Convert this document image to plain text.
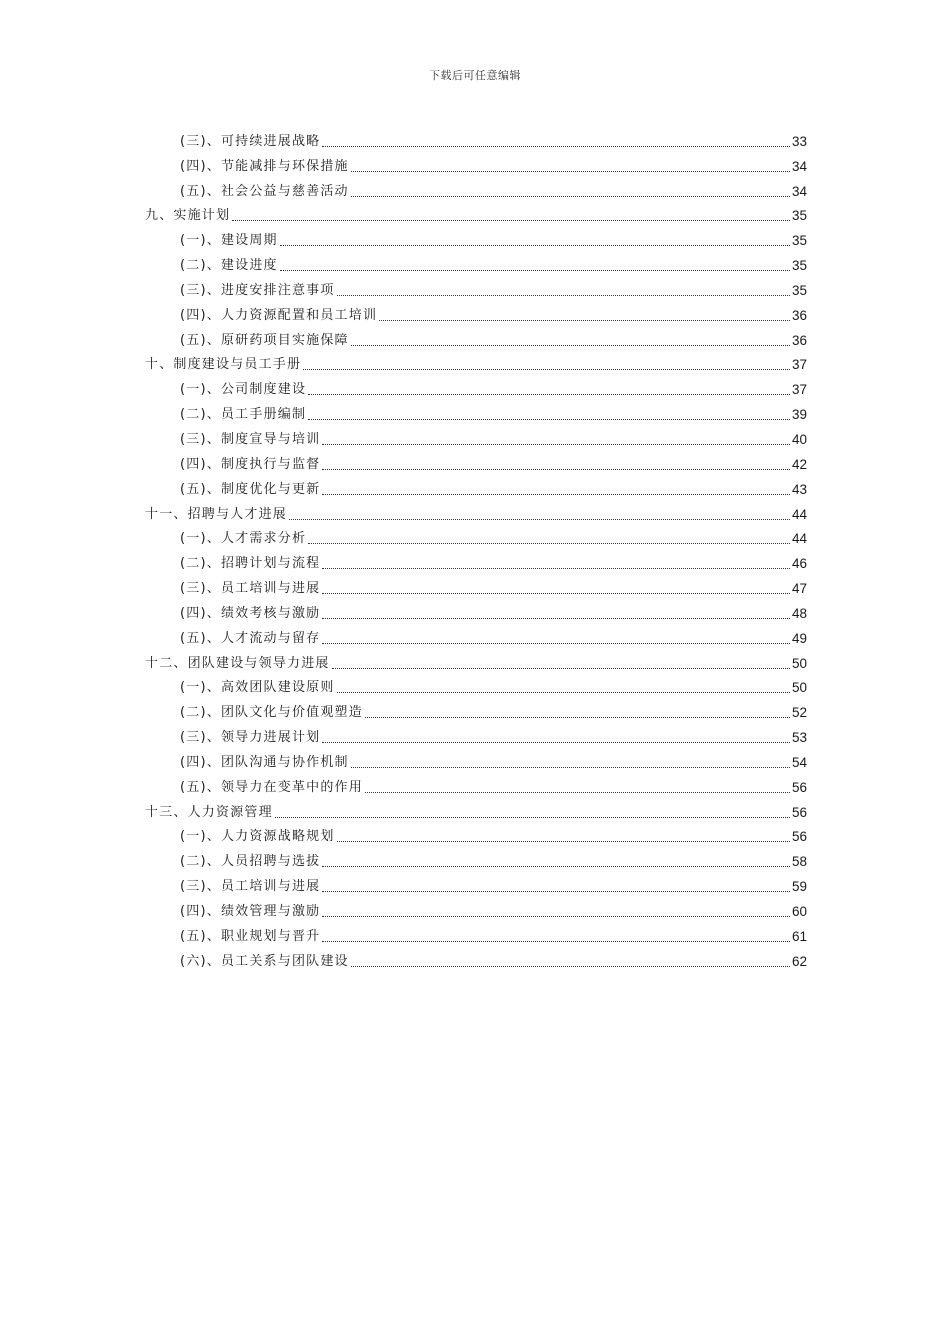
下载后可任意编辑
(三)、可持续进展战略	33
(四)、节能减排与环保措施	34
(五)、社会公益与慈善活动	34
九、实施计划	35
(一)、建设周期	35
(二)、建设进度	35
(三)、进度安排注意事项	35
(四)、人力资源配置和员工培训	36
(五)、原研药项目实施保障	36
十、制度建设与员工手册	37
(一)、公司制度建设	37
(二)、员工手册编制	39
(三)、制度宣导与培训	40
(四)、制度执行与监督	42
(五)、制度优化与更新	43
十一、招聘与人才进展	44
(一)、人才需求分析	44
(二)、招聘计划与流程	46
(三)、员工培训与进展	47
(四)、绩效考核与激励	48
(五)、人才流动与留存	49
十二、团队建设与领导力进展	50
(一)、高效团队建设原则	50
(二)、团队文化与价值观塑造	52
(三)、领导力进展计划	53
(四)、团队沟通与协作机制	54
(五)、领导力在变革中的作用	56
十三、人力资源管理	56
(一)、人力资源战略规划	56
(二)、人员招聘与选拔	58
(三)、员工培训与进展	59
(四)、绩效管理与激励	60
(五)、职业规划与晋升	61
(六)、员工关系与团队建设	62
